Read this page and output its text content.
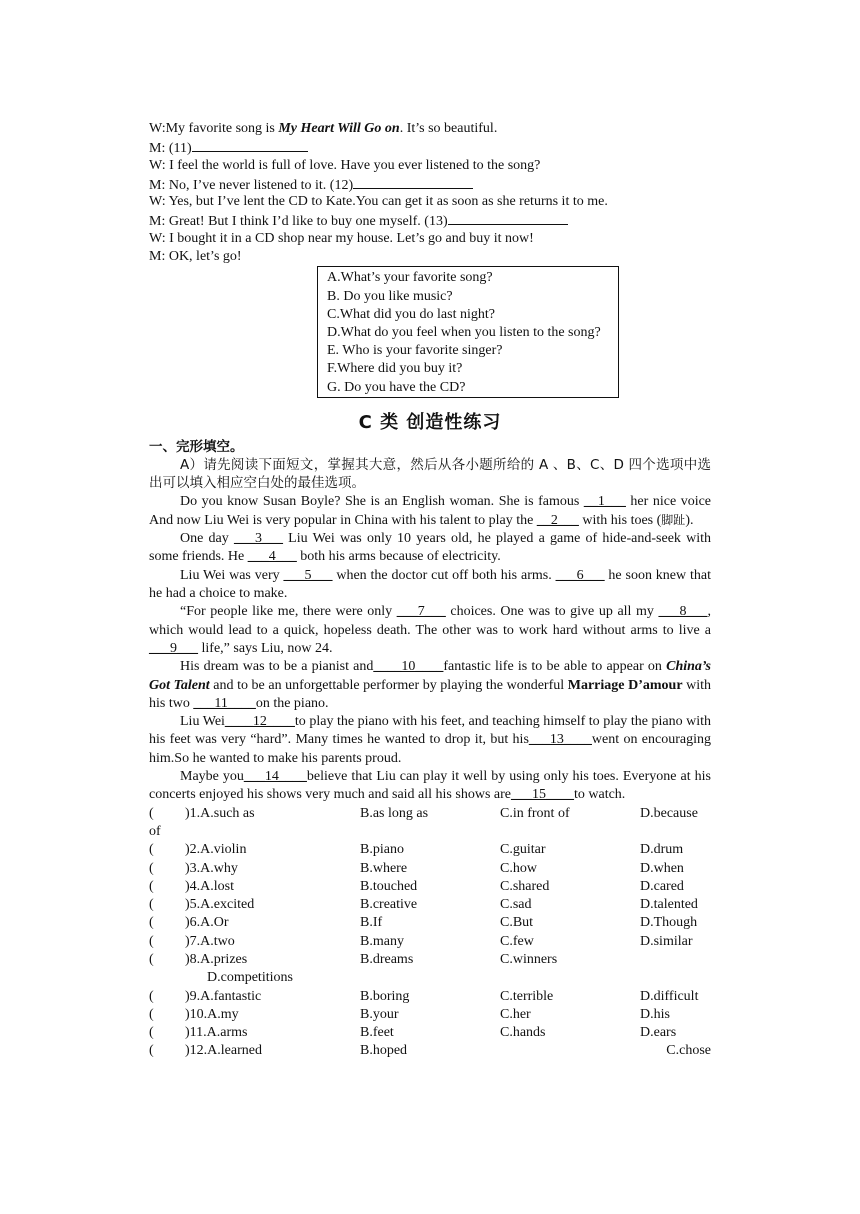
W:My favorite song is My Heart Will Go on. It’s so beautiful.
M: (11)
W: I feel the world is full of love. Have you ever listened to the song?
M: No, I’ve never listened to it. (12)
W: Yes, but I’ve lent the CD to Kate.You can get it as soon as she returns it to me.
M: Great! But I think I’d like to buy one myself. (13)
W: I bought it in a CD shop near my house. Let’s go and buy it now!
M: OK, let’s go!
A.What’s your favorite song?
B. Do you like music?
C.What did you do last night?
D.What do you feel when you listen to the song?
E. Who is your favorite singer?
F.Where did you buy it?
G. Do you have the CD?
C 类 创造性练习
一、完形填空。
A）请先阅读下面短文，掌握其大意，然后从各小题所给的 A 、B、C、D 四个选项中选出可以填入相应空白处的最佳选项。
Do you know Susan Boyle? She is an English woman. She is famous __1___ her nice voice And now Liu Wei is very popular in China with his talent to play the __2___ with his toes (脚趾).
One day ___3___ Liu Wei was only 10 years old, he played a game of hide-and-seek with some friends. He ___4___ both his arms because of electricity.
Liu Wei was very ___5___ when the doctor cut off both his arms. ___6___ he soon knew that he had a choice to make.
“For people like me, there were only ___7___ choices. One was to give up all my ___8___, which would lead to a quick, hopeless death. The other was to work hard without arms to live a ___9___ life,” says Liu, now 24.
His dream was to be a pianist and____10____fantastic life is to be able to appear on China’s Got Talent and to be an unforgettable performer by playing the wonderful Marriage D’amour with his two ___11____on the piano.
Liu Wei____12____to play the piano with his feet, and teaching himself to play the piano with his feet was very “hard”. Many times he wanted to drop it, but his___13____went on encouraging him.So he wanted to make his parents proud.
Maybe you___14____believe that Liu can play it well by using only his toes. Everyone at his concerts enjoyed his shows very much and said all his shows are___15____to watch.
( )1.A.such as	B.as long as	C.in front of	D.because
of
( )2.A.violin	B.piano	C.guitar	D.drum
( )3.A.why	B.where	C.how	D.when
( )4.A.lost	B.touched	C.shared	D.cared
( )5.A.excited	B.creative	C.sad	D.talented
( )6.A.Or	B.If	C.But	D.Though
( )7.A.two	B.many	C.few	D.similar
( )8.A.prizes	B.dreams	C.winners
D.competitions
( )9.A.fantastic	B.boring	C.terrible	D.difficult
( )10.A.my	B.your	C.her	D.his
( )11.A.arms	B.feet	C.hands	D.ears
( )12.A.learned	B.hoped	C.chose
